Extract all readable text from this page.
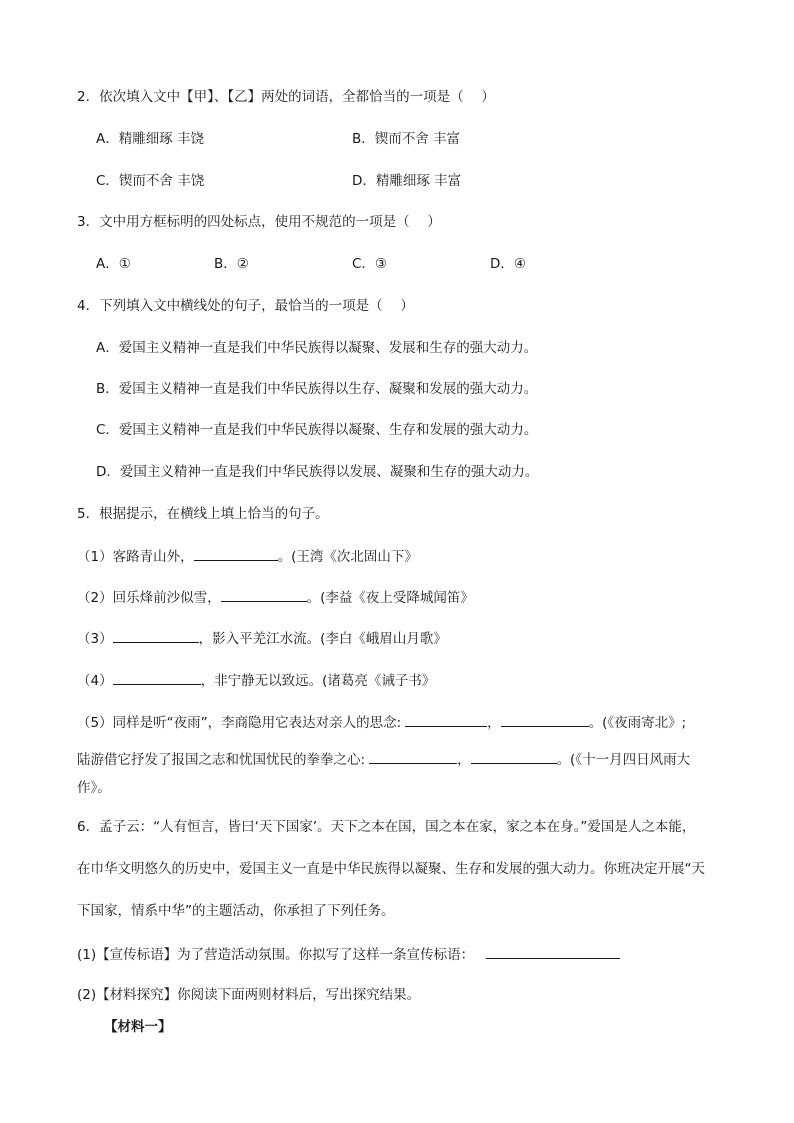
2．依次填入文中【甲】、【乙】两处的词语，全都恰当的一项是（　 ）
A．精雕细琢 丰饶	B．锲而不舍 丰富
C．锲而不舍 丰饶	D．精雕细琢 丰富
3．文中用方框标明的四处标点，使用不规范的一项是（　 ）
A．①	B．②	C．③	D．④
4．下列填入文中横线处的句子，最恰当的一项是（　 ）
A．爱国主义精神一直是我们中华民族得以凝聚、发展和生存的强大动力。
B．爱国主义精神一直是我们中华民族得以生存、凝聚和发展的强大动力。
C．爱国主义精神一直是我们中华民族得以凝聚、生存和发展的强大动力。
D．爱国主义精神一直是我们中华民族得以发展、凝聚和生存的强大动力。
5．根据提示，在横线上填上恰当的句子。
（1）客路青山外，	。(王湾《次北固山下》
（2）回乐烽前沙似雪，	。(李益《夜上受降城闻笛》
（3）	，影入平羌江水流。(李白《峨眉山月歌》
（4）	，非宁静无以致远。(诸葛亮《诫子书》
（5）同样是听“夜雨”，李商隐用它表达对亲人的思念:	，	。(《夜雨寄北》;
陆游借它抒发了报国之志和忧国忧民的拳拳之心:	，	。(《十一月四日风雨大
作》。
6．孟子云：“人有恒言，皆曰‘天下国家’。天下之本在国，国之本在家，家之本在身。”爱国是人之本能，
在巾华文明悠久的历史中，爱国主义一直是中华民族得以凝聚、生存和发展的强大动力。你班决定开展“天
下国家，情系中华”的主题活动，你承担了下列任务。
(1)【宣传标语】为了营造活动氛围。你拟写了这样一条宣传标语：
(2)【材料探究】你阅读下面两则材料后，写出探究结果。
【材料一】
